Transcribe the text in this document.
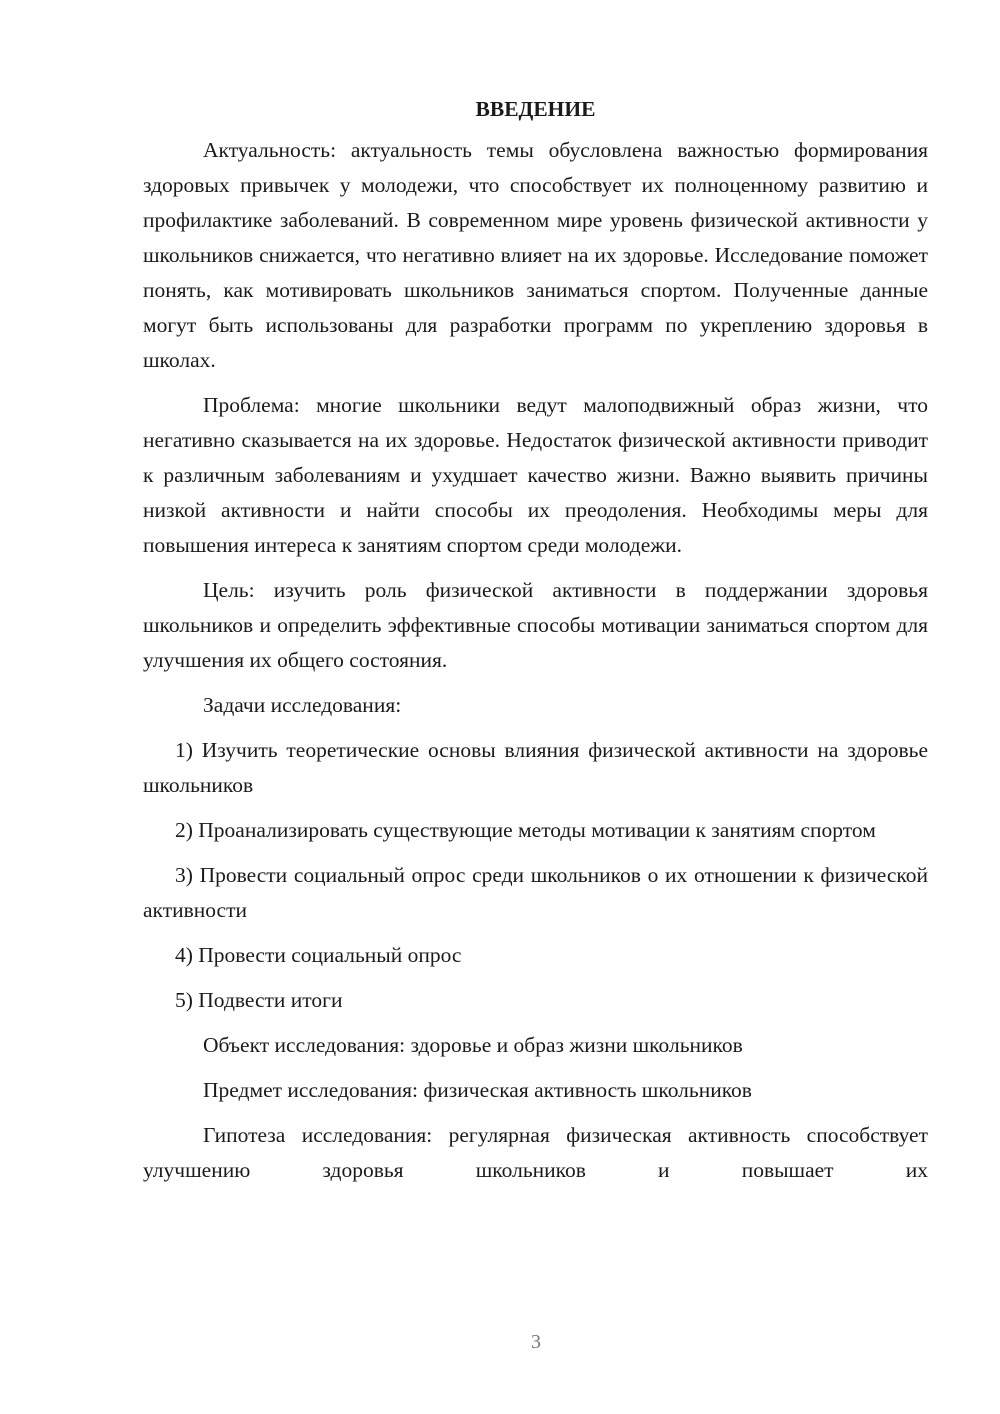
ВВЕДЕНИЕ

Актуальность: актуальность темы обусловлена важностью формирования здоровых привычек у молодежи, что способствует их полноценному развитию и профилактике заболеваний. В современном мире уровень физической активности у школьников снижается, что негативно влияет на их здоровье. Исследование поможет понять, как мотивировать школьников заниматься спортом. Полученные данные могут быть использованы для разработки программ по укреплению здоровья в школах.

Проблема: многие школьники ведут малоподвижный образ жизни, что негативно сказывается на их здоровье. Недостаток физической активности приводит к различным заболеваниям и ухудшает качество жизни. Важно выявить причины низкой активности и найти способы их преодоления. Необходимы меры для повышения интереса к занятиям спортом среди молодежи.

Цель: изучить роль физической активности в поддержании здоровья школьников и определить эффективные способы мотивации заниматься спортом для улучшения их общего состояния.

Задачи исследования:

1) Изучить теоретические основы влияния физической активности на здоровье школьников

2) Проанализировать существующие методы мотивации к занятиям спортом

3) Провести социальный опрос среди школьников о их отношении к физической активности

4) Провести социальный опрос

5) Подвести итоги

Объект исследования: здоровье и образ жизни школьников

Предмет исследования: физическая активность школьников

Гипотеза исследования: регулярная физическая активность способствует улучшению здоровья школьников и повышает их

3
